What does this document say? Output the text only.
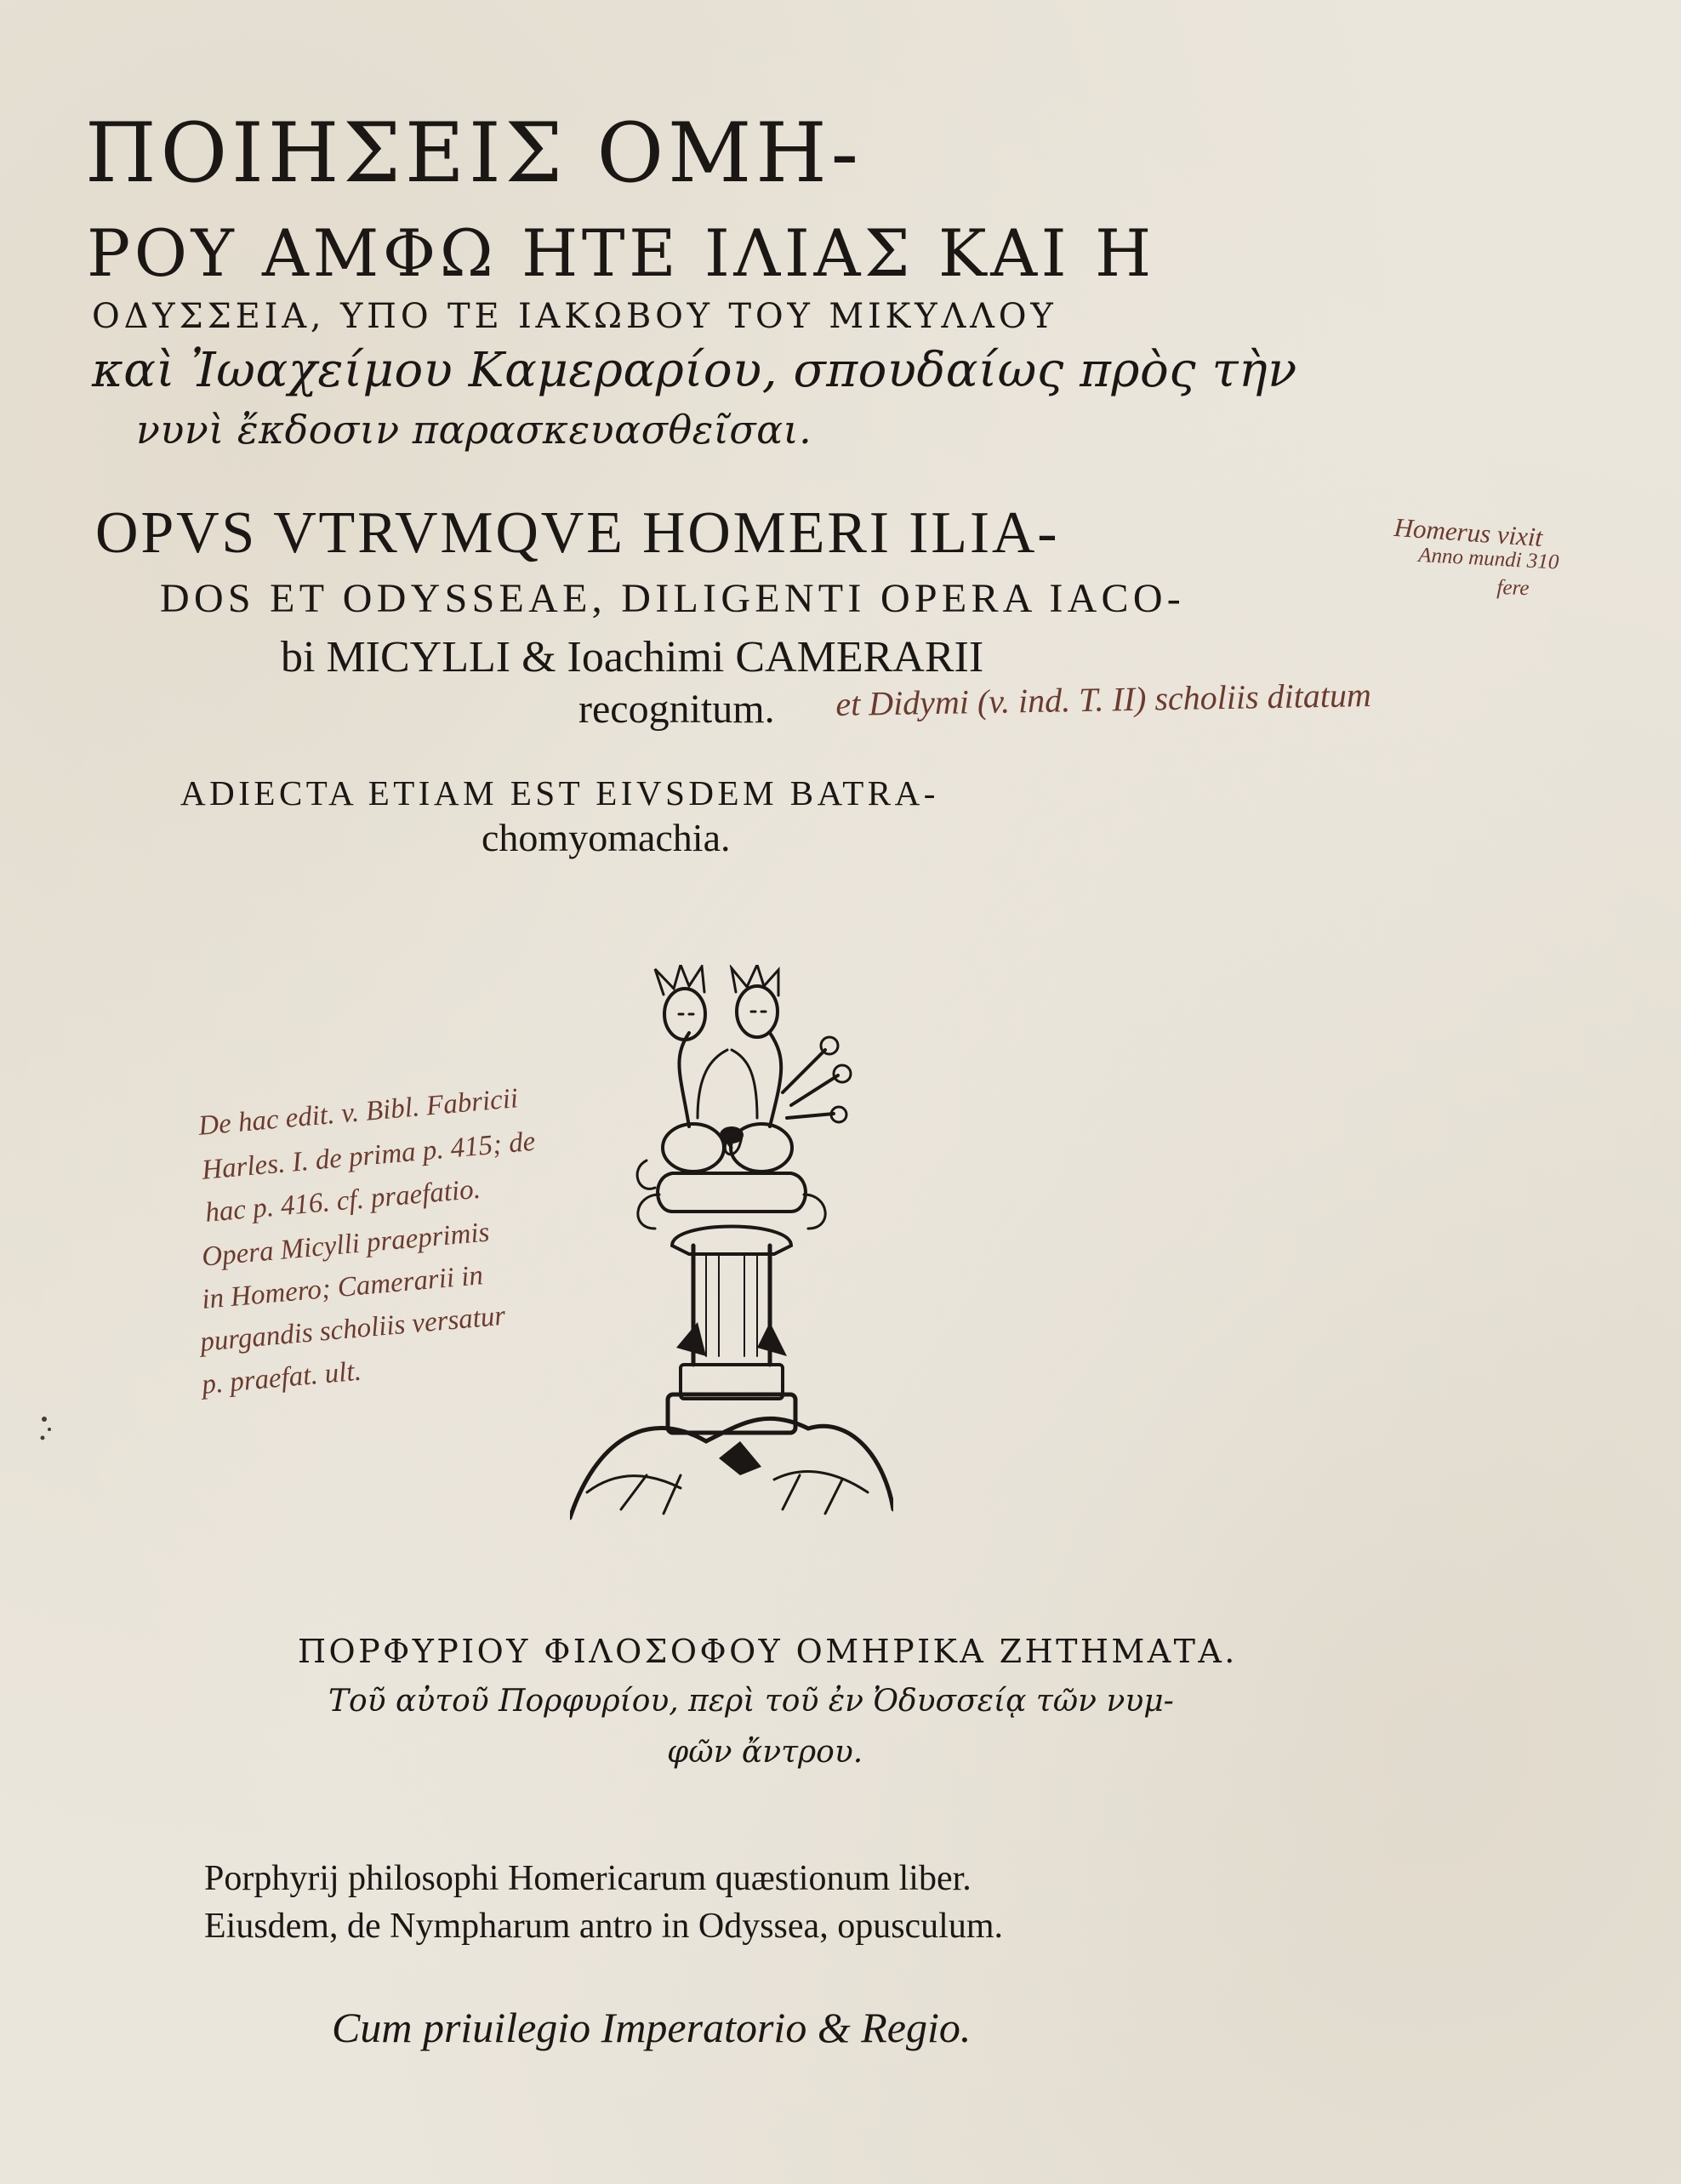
ΠΟΙΗΣΕΙΣ ΟΜΗ-
ΡΟΥ ΑΜΦΩ ΗΤΕ ΙΛΙΑΣ ΚΑΙ Η
ΟΔΥΣΣΕΙΑ, ΥΠΟ ΤΕ ΙΑΚΩΒΟΥ ΤΟΥ ΜΙΚΥΛΛΟΥ
καὶ Ἰωαχείμου Καμεραρίου, σπουδαίως πρὸς τὴν
νυνὶ ἔκδοσιν παρασκευασθεῖσαι.
OPVS VTRVMQVE HOMERI ILIA-
DOS ET ODYSSEAE, DILIGENTI OPERA IACO-
bi MICYLLI & Ioachimi CAMERARII
recognitum.
ADIECTA ETIAM EST EIVSDEM BATRA-
chomyomachia.
ΠΟΡΦΥΡΙΟΥ ΦΙΛΟΣΟΦΟΥ ΟΜΗΡΙΚΑ ΖΗΤΗΜΑΤΑ.
Τοῦ αὐτοῦ Πορφυρίου, περὶ τοῦ ἐν Ὀδυσσείᾳ τῶν νυμ-
φῶν ἄντρου.
Porphyrij philosophi Homericarum quæstionum liber.
Eiusdem, de Nympharum antro in Odyssea, opusculum.
Cum priuilegio Imperatorio & Regio.
Homerus vixit
Anno mundi 310
fere
et Didymi (v. ind. T. II) scholiis ditatum
De hac edit. v. Bibl. Fabricii
Harles. I. de prima p. 415; de
hac p. 416. cf. praefatio.
Opera Micylli praeprimis
in Homero; Camerarii in
purgandis scholiis versatur
p. praefat. ult.
